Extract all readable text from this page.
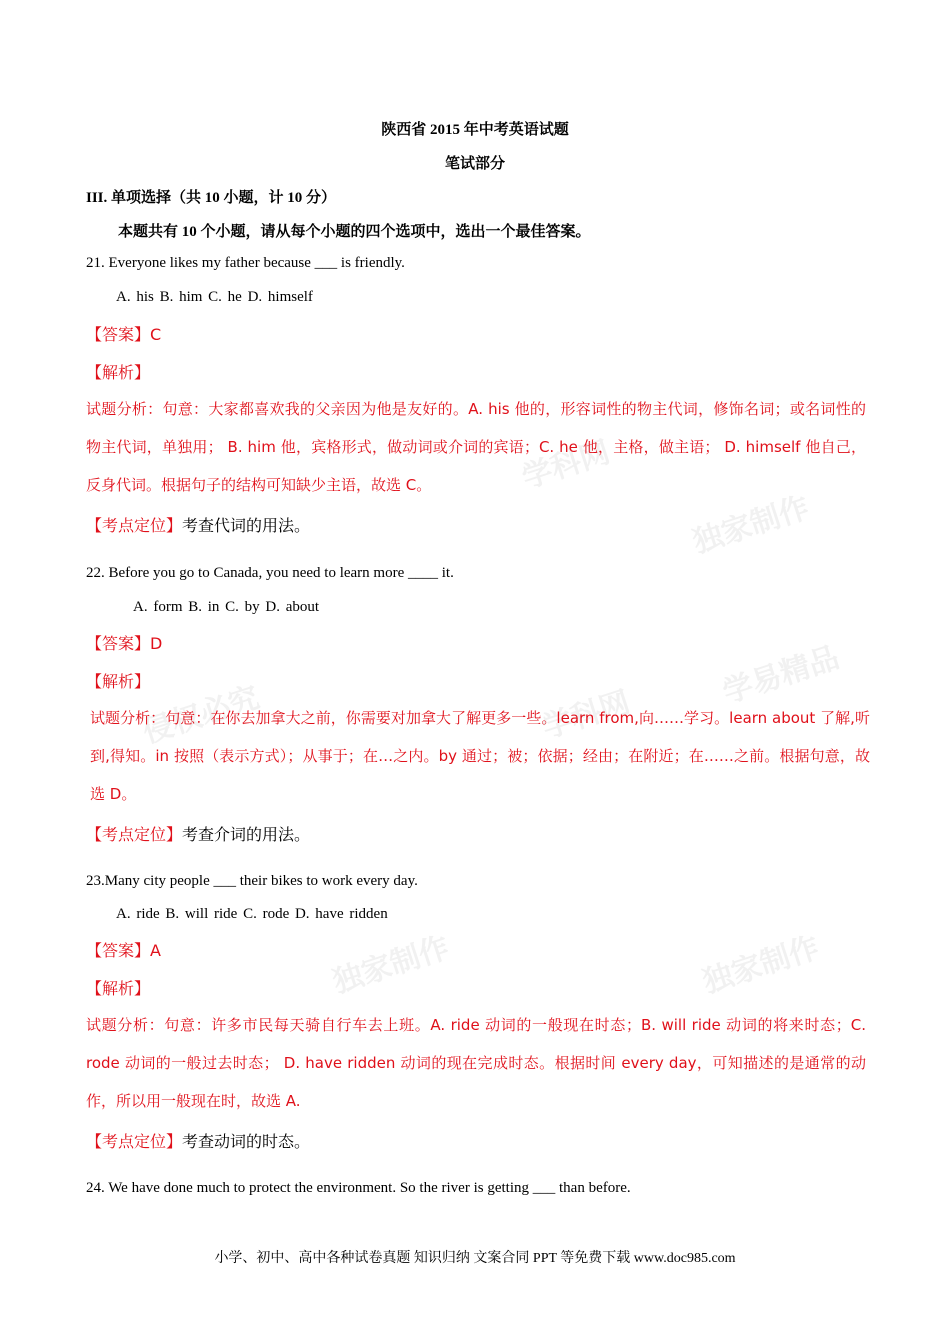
学科网
独家制作
侵权必究	学科网
学易精品
独家制作	独家制作
陕西省 2015 年中考英语试题
笔试部分
III. 单项选择（共 10 小题，计 10 分）
本题共有 10 个小题，请从每个小题的四个选项中，选出一个最佳答案。
21. Everyone likes my father because ___ is friendly.
A. his B. him C. he D. himself
【答案】C
【解析】
试题分析：句意：大家都喜欢我的父亲因为他是友好的。A. his 他的，形容词性的物主代词，修饰名词；或名词性的物主代词，单独用； B. him 他，宾格形式，做动词或介词的宾语；C. he 他，主格，做主语； D. himself 他自己，反身代词。根据句子的结构可知缺少主语，故选 C。
【考点定位】考查代词的用法。
22. Before you go to Canada, you need to learn more ____ it.
A. form B. in C. by D. about
【答案】D
【解析】
试题分析：句意：在你去加拿大之前，你需要对加拿大了解更多一些。learn from,向……学习。learn about 了解,听到,得知。in 按照（表示方式）；从事于；在…之内。by 通过；被；依据；经由；在附近；在……之前。根据句意，故选 D。
【考点定位】考查介词的用法。
23.Many city people ___ their bikes to work every day.
A. ride B. will ride C. rode D. have ridden
【答案】A
【解析】
试题分析：句意：许多市民每天骑自行车去上班。A. ride 动词的一般现在时态；B. will ride 动词的将来时态；C. rode 动词的一般过去时态； D. have ridden 动词的现在完成时态。根据时间 every day，可知描述的是通常的动作，所以用一般现在时，故选 A.
【考点定位】考查动词的时态。
24. We have done much to protect the environment. So the river is getting ___ than before.
小学、初中、高中各种试卷真题 知识归纳 文案合同 PPT 等免费下载 www.doc985.com
